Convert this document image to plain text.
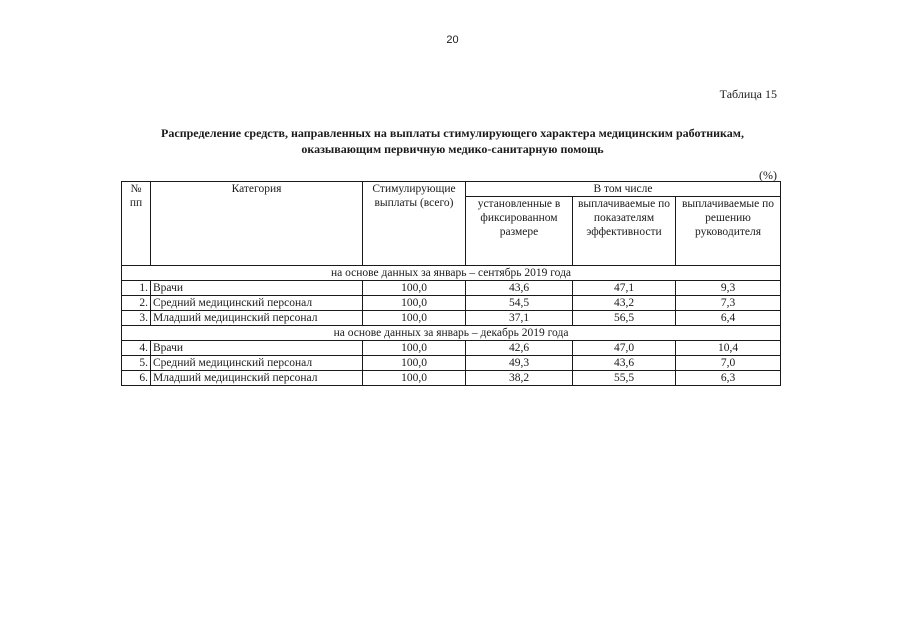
20
Таблица 15
Распределение средств, направленных на выплаты стимулирующего характера медицинским работникам,
оказывающим первичную медико-санитарную помощь
(%)
№
пп	Категория	Стимулирующие выплаты (всего)	В том числе		
			установленные в фиксированном размере	выплачиваемые по показателям эффективности	выплачиваемые по решению руководителя
на основе данных за январь – сентябрь 2019 года					
1.	Врачи	100,0	43,6	47,1	9,3
2.	Средний медицинский персонал	100,0	54,5	43,2	7,3
3.	Младший медицинский персонал	100,0	37,1	56,5	6,4
на основе данных за январь – декабрь 2019 года					
4.	Врачи	100,0	42,6	47,0	10,4
5.	Средний медицинский персонал	100,0	49,3	43,6	7,0
6.	Младший медицинский персонал	100,0	38,2	55,5	6,3
